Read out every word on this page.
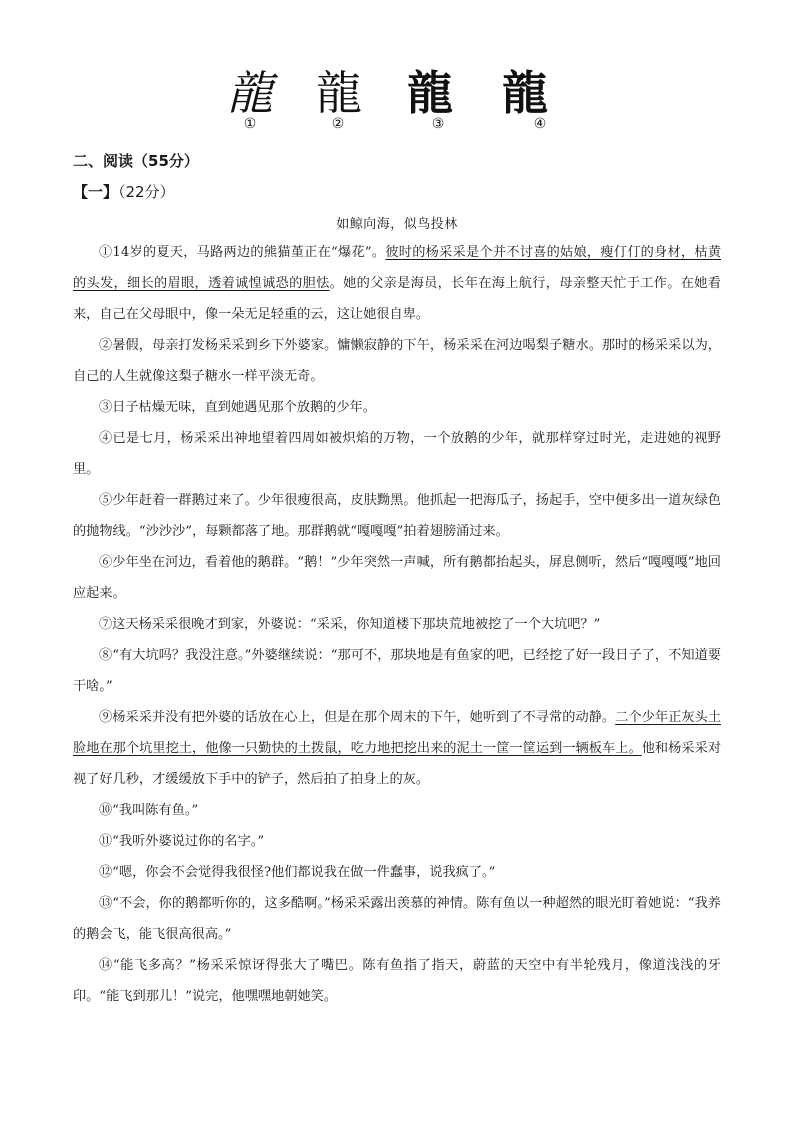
龍 龍 龍	龍
①	②	③	④
二、阅读（55分）
【一】（22分）
如鲸向海，似鸟投林

①14岁的夏天，马路两边的熊猫堇正在“爆花”。彼时的杨采采是个并不讨喜的姑娘，瘦仃仃的身材，枯黄的头发，细长的眉眼，透着诚惶诚恐的胆怯。她的父亲是海员，长年在海上航行，母亲整天忙于工作。在她看来，自己在父母眼中，像一朵无足轻重的云，这让她很自卑。

②暑假，母亲打发杨采采到乡下外婆家。慵懒寂静的下午，杨采采在河边喝梨子糖水。那时的杨采采以为，自己的人生就像这梨子糖水一样平淡无奇。

③日子枯燥无味，直到她遇见那个放鹅的少年。

④已是七月，杨采采出神地望着四周如被炽焰的万物，一个放鹅的少年，就那样穿过时光，走进她的视野里。

⑤少年赶着一群鹅过来了。少年很瘦很高，皮肤黝黑。他抓起一把海瓜子，扬起手，空中便多出一道灰绿色的抛物线。“沙沙沙”，每颗都落了地。那群鹅就“嘎嘎嘎”拍着翅膀涌过来。

⑥少年坐在河边，看着他的鹅群。“鹅！”少年突然一声喊，所有鹅都抬起头，屏息侧听，然后“嘎嘎嘎”地回应起来。

⑦这天杨采采很晚才到家，外婆说：“采采，你知道楼下那块荒地被挖了一个大坑吧？”

⑧“有大坑吗？我没注意。”外婆继续说：“那可不，那块地是有鱼家的吧，已经挖了好一段日子了，不知道要干啥。”

⑨杨采采并没有把外婆的话放在心上，但是在那个周末的下午，她听到了不寻常的动静。二个少年正灰头土脸地在那个坑里挖土，他像一只勤快的土拨鼠，吃力地把挖出来的泥土一筐一筐运到一辆板车上。他和杨采采对视了好几秒，才缓缓放下手中的铲子，然后拍了拍身上的灰。

⑩“我叫陈有鱼。”

⑪“我听外婆说过你的名字。”

⑫“嗯，你会不会觉得我很怪?他们都说我在做一件蠢事，说我疯了。”

⑬“不会，你的鹅都听你的，这多酷啊。”杨采采露出羡慕的神情。陈有鱼以一种超然的眼光盯着她说：“我养的鹅会飞，能飞很高很高。”

⑭“能飞多高？”杨采采惊讶得张大了嘴巴。陈有鱼指了指天，蔚蓝的天空中有半轮残月，像道浅浅的牙印。“能飞到那儿！”说完，他嘿嘿地朝她笑。
